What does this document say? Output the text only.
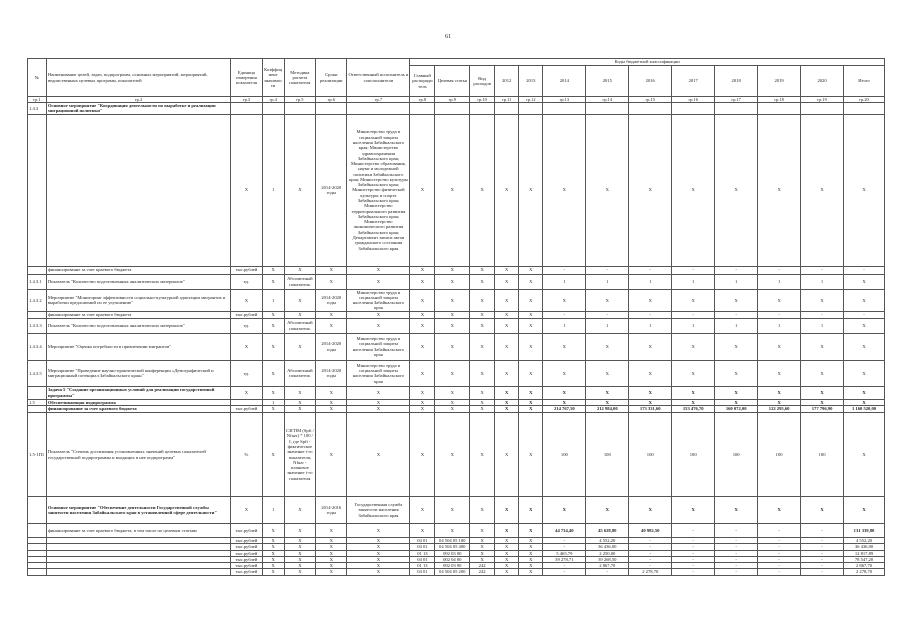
61
№	Наименование целей, задач, подпрограмм, основных мероприятий, мероприятий, ведомственных целевых программ, показателей	Единица измерения показателя	Коэффициент значимости	Методика расчета показателя	Сроки реализации	Ответственный исполнитель и соисполнители	Коды бюджетной классификации												
							Главный распорядитель	Целевая статья	Вид расходов	2012	2013	2014	2015	2016	2017	2018	2019	2020	Итого
гр.1	гр.2	гр.3	гр.4	гр.5	гр.6	гр.7	гр.8	гр.9	гр.10	гр.11	гр.12	гр.13	гр.14	гр.15	гр.16	гр.17	гр.18	гр.19	гр.20
1.4.3	Основное мероприятие "Координация деятельности по выработке и реализации миграционной политики"																		
		X	1	X	2014-2020 годы	Министерство труда и социальной защиты населения Забайкальского края; Министерство здравоохранения Забайкальского края; Министерство образования, науки и молодежной политики Забайкальского края; Министерство культуры Забайкальского края; Министерство физической культуры и спорта Забайкальского края; Министерство территориального развития Забайкальского края; Министерство экономического развития Забайкальского края; Департамент записи актов гражданского состояния Забайкальского края	X	X	X	X	X	X	X	X	X	X	X	X	X
	финансирование за счет краевого бюджета	тыс.рублей	X	X	X	X	X	X	X	X	X	-	-	-	-	-	-	-	-
1.4.3.1	Показатель "Количество подготовленных аналитических материалов"	ед.	X	Абсолютный показатель	X	X	X	X	X	X	X	1	1	1	1	1	1	1	X
1.4.3.2	Мероприятие "Мониторинг эффективности социально-культурной адаптации мигрантов и выработки предложений по ее улучшению"	X	1	X	2014-2020 годы	Министерство труда и социальной защиты населения Забайкальского края	X	X	X	X	X	X	X	X	X	X	X	X	X
	финансирование за счет краевого бюджета	тыс.рублей	X	X	X	X	X	X	X	X	X	-	-	-	-	-	-	-	-
1.4.3.3	Показатель "Количество подготовленных аналитических материалов"	ед.	X	Абсолютный показатель	X	X	X	X	X	X	X	1	1	1	1	1	1	1	X
1.4.3.4	Мероприятие "Оценка потребности в привлечении мигрантов"	X	X	X	2014-2020 годы	Министерство труда и социальной защиты населения Забайкальского края	X	X	X	X	X	X	X	X	X	X	X	X	X
1.4.3.5	Мероприятие "Проведение научно-практической конференции «Демографический и миграционный потенциал Забайкальского края»"	ед.	X	Абсолютный показатель	2014-2020 годы	Министерство труда и социальной защиты населения Забайкальского края	X	X	X	X	X	X	X	X	X	X	X	X	X
	Задача 5 "Создание организационных условий для реализации государственной программы"	X	X	X	X	X	X	X	X	X	X	X	X	X	X	X	X	X	X
1.5	Обеспечивающая подпрограмма		1	X	X	X	X	X	X	X	X	X	X	X	X	X	X	X	X
	финансирование за счет краевого бюджета	тыс.рублей	X	X	X	X	X	X	X	X	X	214 767,50	212 984,00	173 331,60	153 476,70	160 072,00	122 295,60	177 796,90	1 160 520,00
1.5-1П1	Показатель "Степень достижения установленных значений целевых показателей государственной подпрограммы и входящих в нее подпрограмм"	%	X	СЗГПМ (Spfi / Nfuzr) * 100 / I, где Spfi - фактическое значение i-го показателя; Nfuzr - плановое значение i-го показателя	X	X	X	X	X	X	X	100	100	100	100	100	100	100	X
	Основное мероприятие "Обеспечение деятельности Государственной службы занятости населения Забайкальского края в установленной сфере деятельности"	X	1	X	2014-2016 годы	Государственная служба занятости населения Забайкальского края	X	X	X	X	X	X	X	X	X	X	X	X	X
	финансирование за счет краевого бюджета, в том числе по целевым статьям	тыс.рублей	X	X	X	X	X	X	X	X	X	44 734,40	45 628,80	40 982,50	-	-	-	-	131 339,80
		тыс.рублей	X	X	X	X	04 01	04 504 05 100	X	X	X	-	4 552,20	-	-	-	-	-	4 552,20
		тыс.рублей	X	X	X	X	04 01	04 504 05 400	X	X	X	-	36 436,00	-	-	-	-	-	36 436,00
		тыс.рублей	X	X	X	X	01 13	092 03 00	X	X	X	5 465,79	2 250,00	-	-	-	-	-	12 817,89
		тыс.рублей	X	X	X	X	04 01	002 04 00	X	X	X	39 278,71	39 268,50	-	-	-	-	-	78 547,20
		тыс.рублей	X	X	X	X	01 13	092 03 90	242	X	X	-	2 867,70	-	-	-	-	-	2 867,70
		тыс.рублей	X	X	X	X	04 01	04 504 05 200	242	X	X	-	-	2 278,70	-	-	-	-	2 278,70
